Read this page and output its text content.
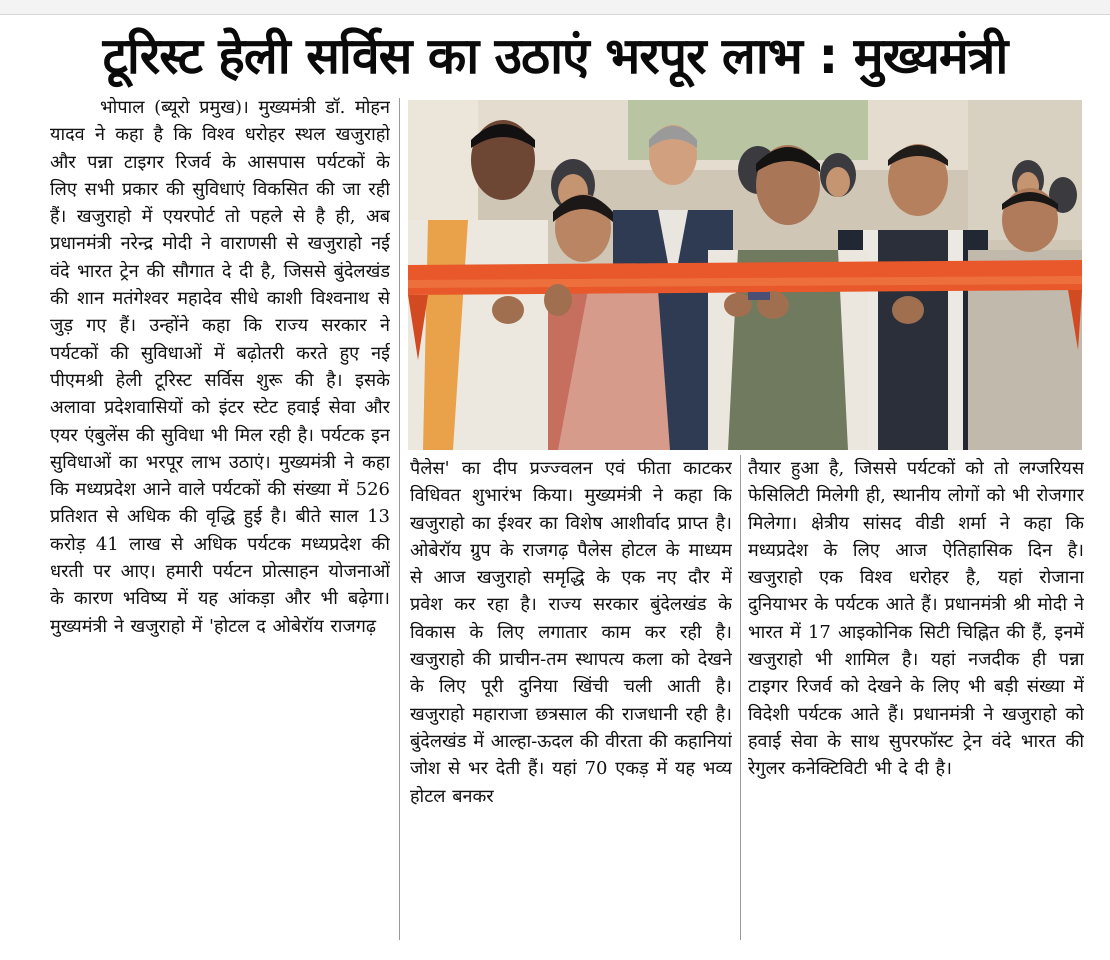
टूरिस्ट हेली सर्विस का उठाएं भरपूर लाभ : मुख्यमंत्री

भोपाल (ब्यूरो प्रमुख)। मुख्यमंत्री डॉ. मोहन यादव ने कहा है कि विश्व धरोहर स्थल खजुराहो और पन्ना टाइगर रिजर्व के आसपास पर्यटकों के लिए सभी प्रकार की सुविधाएं विकसित की जा रही हैं। खजुराहो में एयरपोर्ट तो पहले से है ही, अब प्रधानमंत्री नरेन्द्र मोदी ने वाराणसी से खजुराहो नई वंदे भारत ट्रेन की सौगात दे दी है, जिससे बुंदेलखंड की शान मतंगेश्वर महादेव सीधे काशी विश्वनाथ से जुड़ गए हैं। उन्होंने कहा कि राज्य सरकार ने पर्यटकों की सुविधाओं में बढ़ोतरी करते हुए नई पीएमश्री हेली टूरिस्ट सर्विस शुरू की है। इसके अलावा प्रदेशवासियों को इंटर स्टेट हवाई सेवा और एयर एंबुलेंस की सुविधा भी मिल रही है। पर्यटक इन सुविधाओं का भरपूर लाभ उठाएं। मुख्यमंत्री ने कहा कि मध्यप्रदेश आने वाले पर्यटकों की संख्या में 526 प्रतिशत से अधिक की वृद्धि हुई है। बीते साल 13 करोड़ 41 लाख से अधिक पर्यटक मध्यप्रदेश की धरती पर आए। हमारी पर्यटन प्रोत्साहन योजनाओं के कारण भविष्य में यह आंकड़ा और भी बढ़ेगा। मुख्यमंत्री ने खजुराहो में 'होटल द ओबेरॉय राजगढ़

पैलेस' का दीप प्रज्ज्वलन एवं फीता काटकर विधिवत शुभारंभ किया। मुख्यमंत्री ने कहा कि खजुराहो का ईश्वर का विशेष आशीर्वाद प्राप्त है। ओबेरॉय ग्रुप के राजगढ़ पैलेस होटल के माध्यम से आज खजुराहो समृद्धि के एक नए दौर में प्रवेश कर रहा है। राज्य सरकार बुंदेलखंड के विकास के लिए लगातार काम कर रही है। खजुराहो की प्राचीन-तम स्थापत्य कला को देखने के लिए पूरी दुनिया खिंची चली आती है। खजुराहो महाराजा छत्रसाल की राजधानी रही है। बुंदेलखंड में आल्हा-ऊदल की वीरता की कहानियां जोश से भर देती हैं। यहां 70 एकड़ में यह भव्य होटल बनकर

तैयार हुआ है, जिससे पर्यटकों को तो लग्जरियस फेसिलिटी मिलेगी ही, स्थानीय लोगों को भी रोजगार मिलेगा। क्षेत्रीय सांसद वीडी शर्मा ने कहा कि मध्यप्रदेश के लिए आज ऐतिहासिक दिन है। खजुराहो एक विश्व धरोहर है, यहां रोजाना दुनियाभर के पर्यटक आते हैं। प्रधानमंत्री श्री मोदी ने भारत में 17 आइकोनिक सिटी चिह्नित की हैं, इनमें खजुराहो भी शामिल है। यहां नजदीक ही पन्ना टाइगर रिजर्व को देखने के लिए भी बड़ी संख्या में विदेशी पर्यटक आते हैं। प्रधानमंत्री ने खजुराहो को हवाई सेवा के साथ सुपरफॉस्ट ट्रेन वंदे भारत की रेगुलर कनेक्टिविटी भी दे दी है।
